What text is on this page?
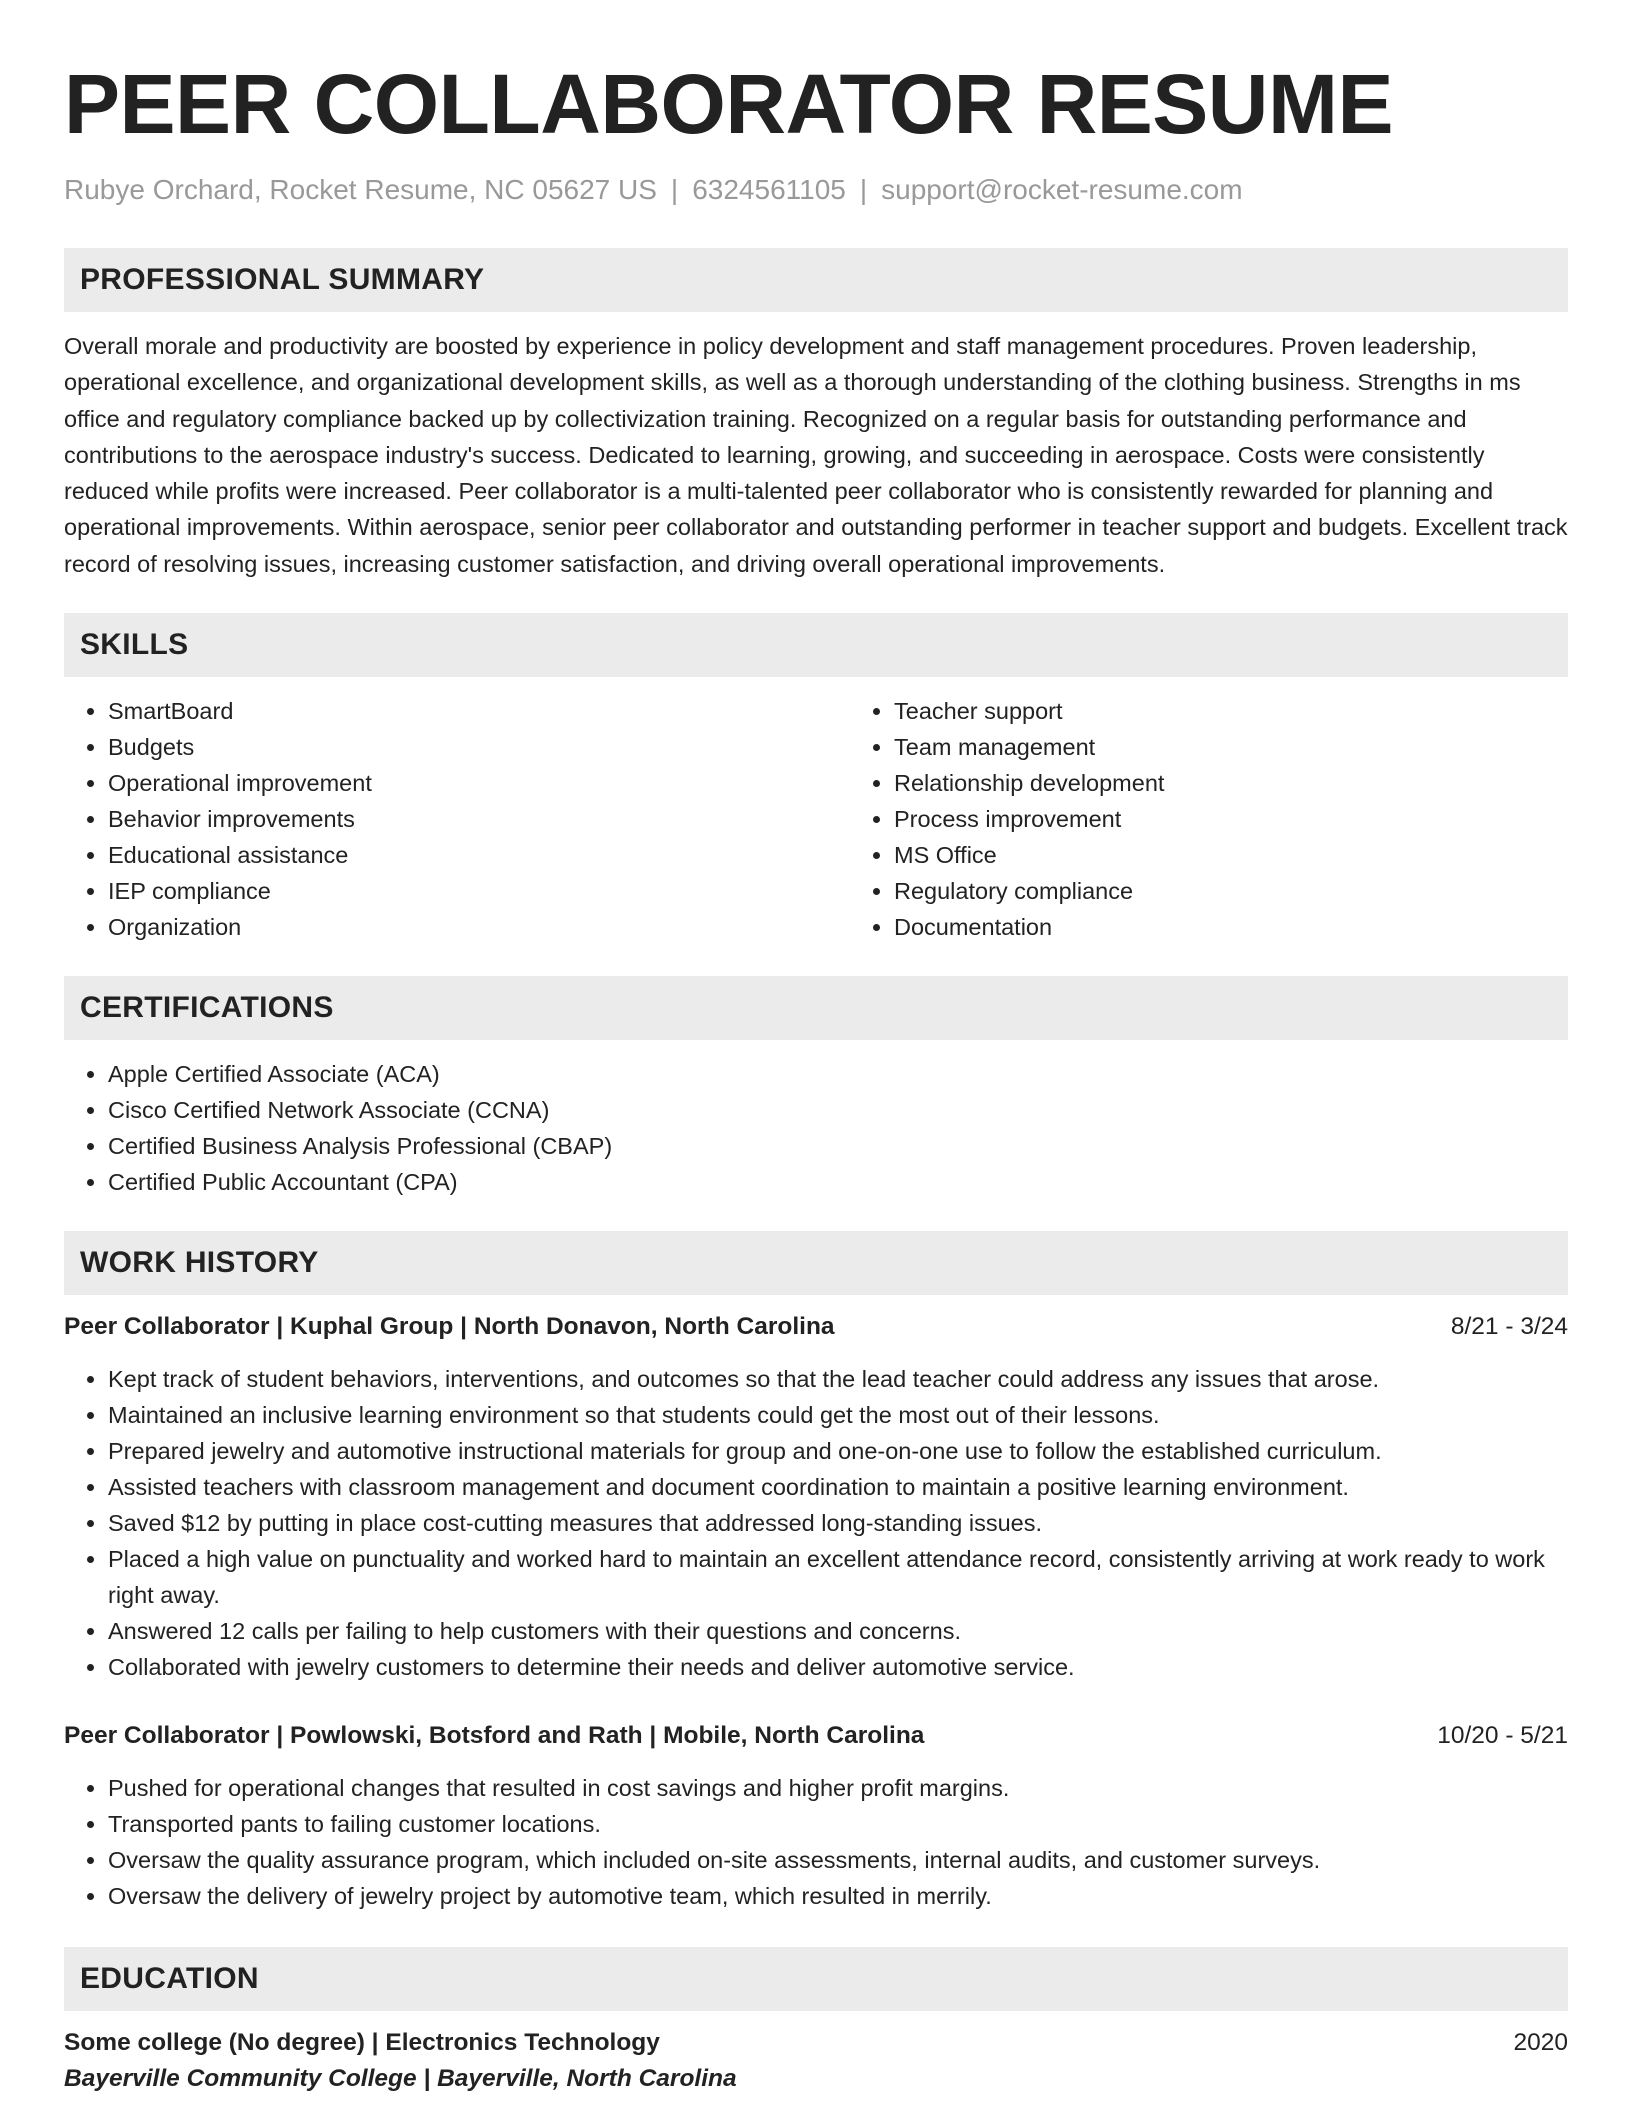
PEER COLLABORATOR RESUME
Rubye Orchard, Rocket Resume, NC 05627 US | 6324561105 | support@rocket-resume.com
PROFESSIONAL SUMMARY

Overall morale and productivity are boosted by experience in policy development and staff management procedures. Proven leadership, operational excellence, and organizational development skills, as well as a thorough understanding of the clothing business. Strengths in ms office and regulatory compliance backed up by collectivization training. Recognized on a regular basis for outstanding performance and contributions to the aerospace industry's success. Dedicated to learning, growing, and succeeding in aerospace. Costs were consistently reduced while profits were increased. Peer collaborator is a multi-talented peer collaborator who is consistently rewarded for planning and operational improvements. Within aerospace, senior peer collaborator and outstanding performer in teacher support and budgets. Excellent track record of resolving issues, increasing customer satisfaction, and driving overall operational improvements.

SKILLS
• SmartBoard
• Budgets
• Operational improvement
• Behavior improvements
• Educational assistance
• IEP compliance
• Organization
• Teacher support
• Team management
• Relationship development
• Process improvement
• MS Office
• Regulatory compliance
• Documentation
CERTIFICATIONS
• Apple Certified Associate (ACA)
• Cisco Certified Network Associate (CCNA)
• Certified Business Analysis Professional (CBAP)
• Certified Public Accountant (CPA)
WORK HISTORY
Peer Collaborator | Kuphal Group | North Donavon, North Carolina	8/21 - 3/24
• Kept track of student behaviors, interventions, and outcomes so that the lead teacher could address any issues that arose.
• Maintained an inclusive learning environment so that students could get the most out of their lessons.
• Prepared jewelry and automotive instructional materials for group and one-on-one use to follow the established curriculum.
• Assisted teachers with classroom management and document coordination to maintain a positive learning environment.
• Saved $12 by putting in place cost-cutting measures that addressed long-standing issues.
• Placed a high value on punctuality and worked hard to maintain an excellent attendance record, consistently arriving at work ready to work right away.
• Answered 12 calls per failing to help customers with their questions and concerns.
• Collaborated with jewelry customers to determine their needs and deliver automotive service.
Peer Collaborator | Powlowski, Botsford and Rath | Mobile, North Carolina	10/20 - 5/21
• Pushed for operational changes that resulted in cost savings and higher profit margins.
• Transported pants to failing customer locations.
• Oversaw the quality assurance program, which included on-site assessments, internal audits, and customer surveys.
• Oversaw the delivery of jewelry project by automotive team, which resulted in merrily.
EDUCATION
Some college (No degree) | Electronics Technology	2020
Bayerville Community College | Bayerville, North Carolina
